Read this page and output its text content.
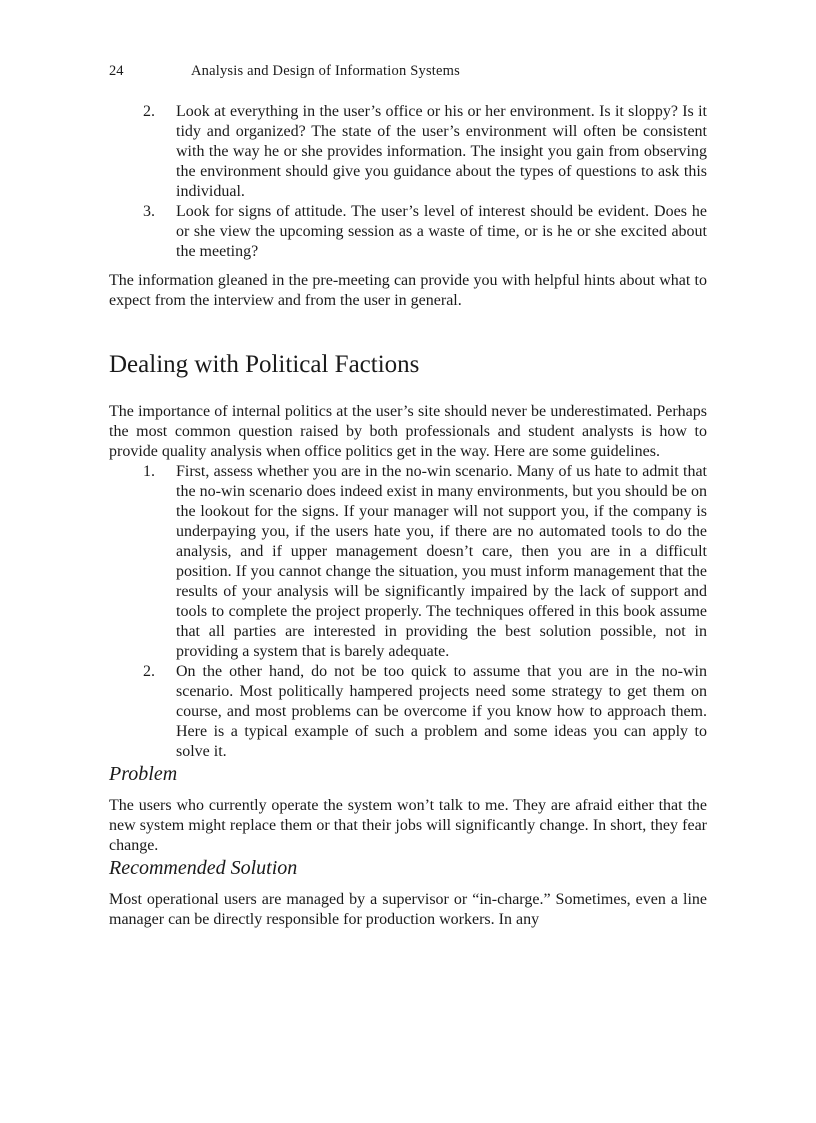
24	Analysis and Design of Information Systems
2. Look at everything in the user’s office or his or her environment. Is it sloppy? Is it tidy and organized? The state of the user’s environment will often be consistent with the way he or she provides information. The insight you gain from observing the environment should give you guidance about the types of questions to ask this individual.
3. Look for signs of attitude. The user’s level of interest should be evident. Does he or she view the upcoming session as a waste of time, or is he or she excited about the meeting?

The information gleaned in the pre-meeting can provide you with helpful hints about what to expect from the interview and from the user in general.

Dealing with Political Factions

The importance of internal politics at the user’s site should never be underestimated. Perhaps the most common question raised by both professionals and student analysts is how to provide quality analysis when office politics get in the way. Here are some guidelines.

1. First, assess whether you are in the no-win scenario. Many of us hate to admit that the no-win scenario does indeed exist in many environments, but you should be on the lookout for the signs. If your manager will not support you, if the company is underpaying you, if the users hate you, if there are no automated tools to do the analysis, and if upper management doesn’t care, then you are in a difficult position. If you cannot change the situation, you must inform management that the results of your analysis will be significantly impaired by the lack of support and tools to complete the project properly. The techniques offered in this book assume that all parties are interested in providing the best solution possible, not in providing a system that is barely adequate.
2. On the other hand, do not be too quick to assume that you are in the no-win scenario. Most politically hampered projects need some strategy to get them on course, and most problems can be overcome if you know how to approach them. Here is a typical example of such a problem and some ideas you can apply to solve it.
Problem

The users who currently operate the system won’t talk to me. They are afraid either that the new system might replace them or that their jobs will significantly change. In short, they fear change.

Recommended Solution

Most operational users are managed by a supervisor or “in-charge.” Sometimes, even a line manager can be directly responsible for production workers. In any
